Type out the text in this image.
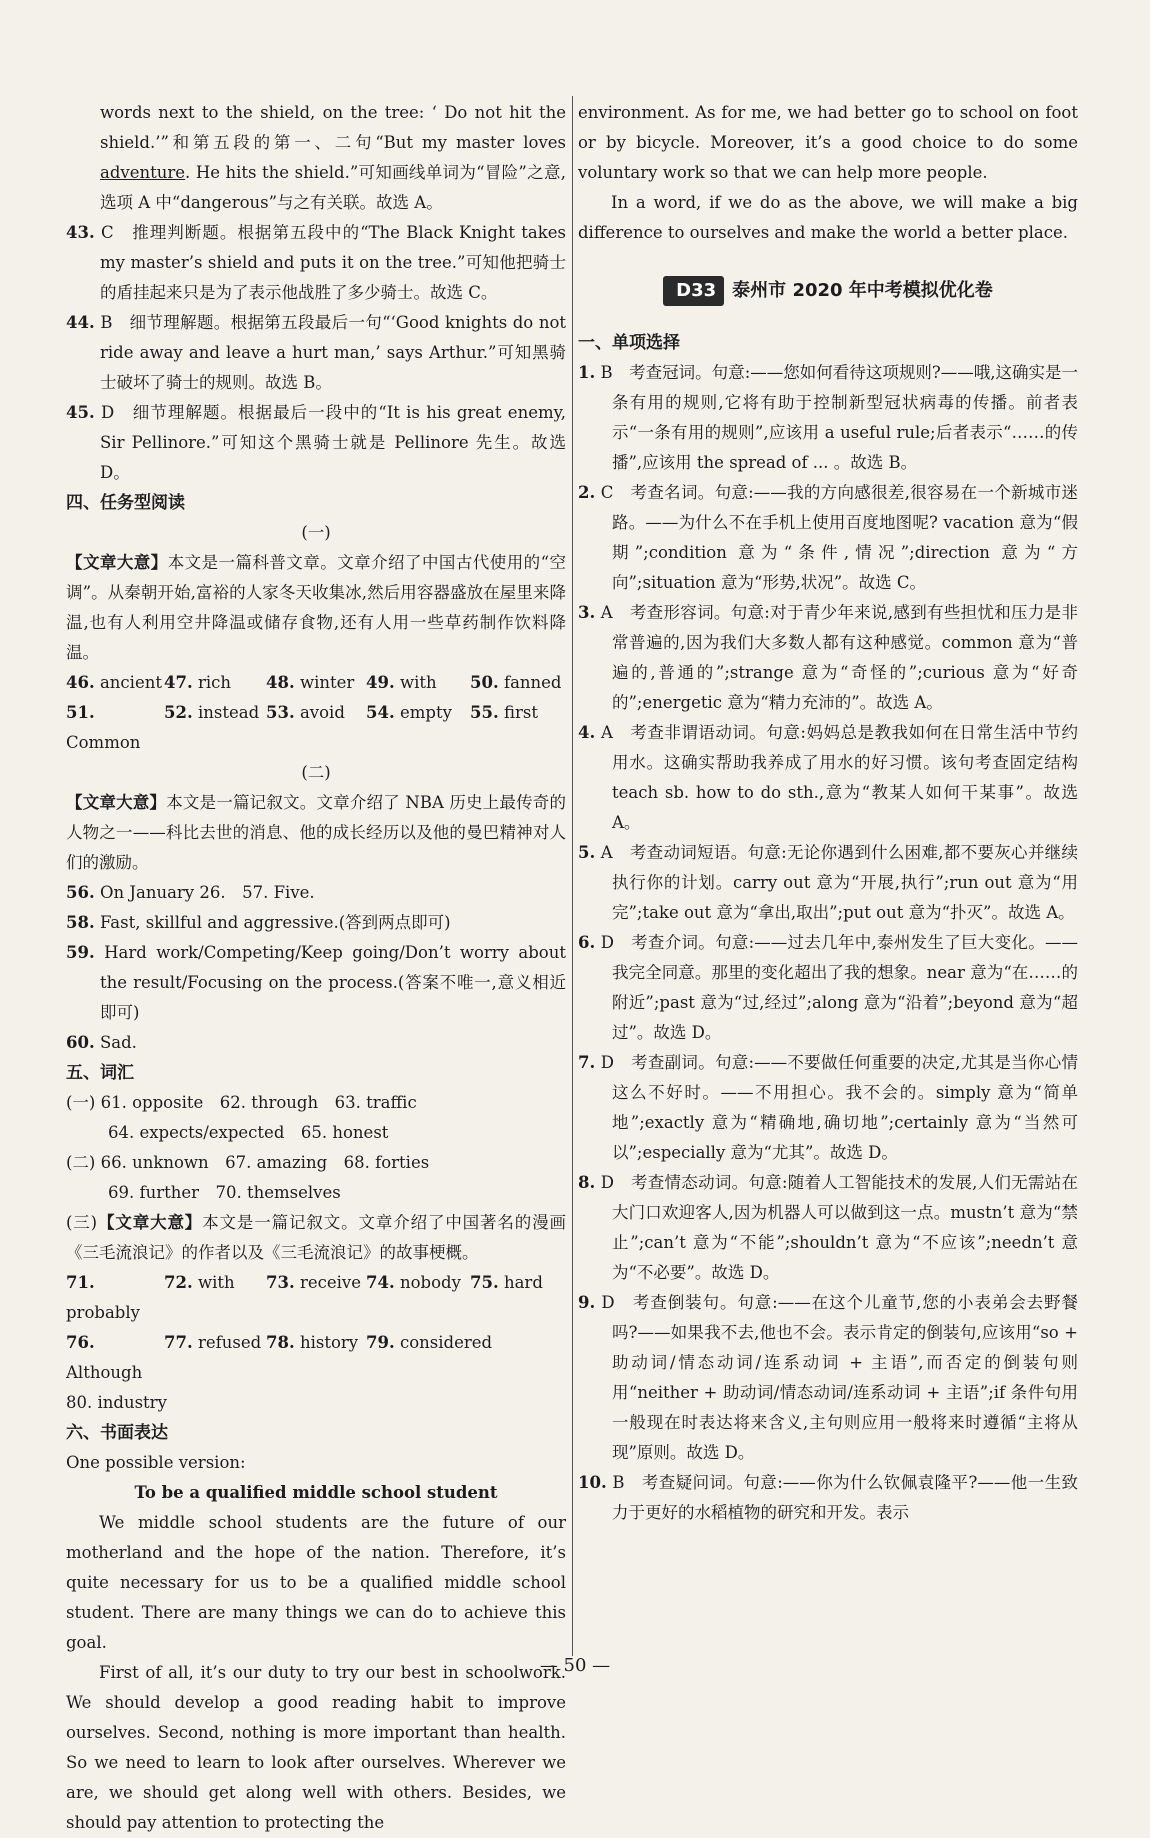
words next to the shield, on the tree: ‘ Do not hit the shield.’”和第五段的第一、二句“But my master loves adventure. He hits the shield.”可知画线单词为“冒险”之意,选项 A 中“dangerous”与之有关联。故选 A。

43. C　推理判断题。根据第五段中的“The Black Knight takes my master’s shield and puts it on the tree.”可知他把骑士的盾挂起来只是为了表示他战胜了多少骑士。故选 C。

44. B　细节理解题。根据第五段最后一句“‘Good knights do not ride away and leave a hurt man,’ says Arthur.”可知黑骑士破坏了骑士的规则。故选 B。

45. D　细节理解题。根据最后一段中的“It is his great enemy, Sir Pellinore.”可知这个黑骑士就是 Pellinore 先生。故选 D。

四、任务型阅读

(一)

【文章大意】本文是一篇科普文章。文章介绍了中国古代使用的“空调”。从秦朝开始,富裕的人家冬天收集冰,然后用容器盛放在屋里来降温,也有人利用空井降温或储存食物,还有人用一些草药制作饮料降温。

46. ancient 47. rich	48. winter 49. with	50. fanned
51. Common
52. instead 53. avoid	54. empty	55. first

(二)

【文章大意】本文是一篇记叙文。文章介绍了 NBA 历史上最传奇的人物之一——科比去世的消息、他的成长经历以及他的曼巴精神对人们的激励。

56. On January 26.　57. Five.

58. Fast, skillful and aggressive.(答到两点即可)

59. Hard work/Competing/Keep going/Don’t worry about the result/Focusing on the process.(答案不唯一,意义相近即可)

60. Sad.

五、词汇

(一) 61. opposite　62. through　63. traffic

64. expects/expected　65. honest

(二) 66. unknown　67. amazing　68. forties

69. further　70. themselves

(三)【文章大意】本文是一篇记叙文。文章介绍了中国著名的漫画《三毛流浪记》的作者以及《三毛流浪记》的故事梗概。

71. probably
72. with	73. receive 74. nobody 75. hard
76. Although
77. refused 78. history 79. considered

80. industry

六、书面表达

One possible version:

To be a qualified middle school student

We middle school students are the future of our motherland and the hope of the nation. Therefore, it’s quite necessary for us to be a qualified middle school student. There are many things we can do to achieve this goal.

First of all, it’s our duty to try our best in schoolwork. We should develop a good reading habit to improve ourselves. Second, nothing is more important than health. So we need to learn to look after ourselves. Wherever we are, we should get along well with others. Besides, we should pay attention to protecting the

environment. As for me, we had better go to school on foot or by bicycle. Moreover, it’s a good choice to do some voluntary work so that we can help more people.

In a word, if we do as the above, we will make a big difference to ourselves and make the world a better place.

D33 泰州市 2020 年中考模拟优化卷

一、单项选择

1. B　考查冠词。句意:——您如何看待这项规则?——哦,这确实是一条有用的规则,它将有助于控制新型冠状病毒的传播。前者表示“一条有用的规则”,应该用 a useful rule;后者表示“……的传播”,应该用 the spread of ... 。故选 B。

2. C　考查名词。句意:——我的方向感很差,很容易在一个新城市迷路。——为什么不在手机上使用百度地图呢? vacation 意为“假期”;condition 意为“条件,情况”;direction 意为“方向”;situation 意为“形势,状况”。故选 C。

3. A　考查形容词。句意:对于青少年来说,感到有些担忧和压力是非常普遍的,因为我们大多数人都有这种感觉。common 意为“普遍的,普通的”;strange 意为“奇怪的”;curious 意为“好奇的”;energetic 意为“精力充沛的”。故选 A。

4. A　考查非谓语动词。句意:妈妈总是教我如何在日常生活中节约用水。这确实帮助我养成了用水的好习惯。该句考查固定结构 teach sb. how to do sth.,意为“教某人如何干某事”。故选 A。

5. A　考查动词短语。句意:无论你遇到什么困难,都不要灰心并继续执行你的计划。carry out 意为“开展,执行”;run out 意为“用完”;take out 意为“拿出,取出”;put out 意为“扑灭”。故选 A。

6. D　考查介词。句意:——过去几年中,泰州发生了巨大变化。——我完全同意。那里的变化超出了我的想象。near 意为“在……的附近”;past 意为“过,经过”;along 意为“沿着”;beyond 意为“超过”。故选 D。

7. D　考查副词。句意:——不要做任何重要的决定,尤其是当你心情这么不好时。——不用担心。我不会的。simply 意为“简单地”;exactly 意为“精确地,确切地”;certainly 意为“当然可以”;especially 意为“尤其”。故选 D。

8. D　考查情态动词。句意:随着人工智能技术的发展,人们无需站在大门口欢迎客人,因为机器人可以做到这一点。mustn’t 意为“禁止”;can’t 意为“不能”;shouldn’t 意为“不应该”;needn’t 意为“不必要”。故选 D。

9. D　考查倒装句。句意:——在这个儿童节,您的小表弟会去野餐吗?——如果我不去,他也不会。表示肯定的倒装句,应该用“so + 助动词/情态动词/连系动词 + 主语”,而否定的倒装句则用“neither + 助动词/情态动词/连系动词 + 主语”;if 条件句用一般现在时表达将来含义,主句则应用一般将来时遵循“主将从现”原则。故选 D。

10. B　考查疑问词。句意:——你为什么钦佩袁隆平?——他一生致力于更好的水稻植物的研究和开发。表示

— 50 —
